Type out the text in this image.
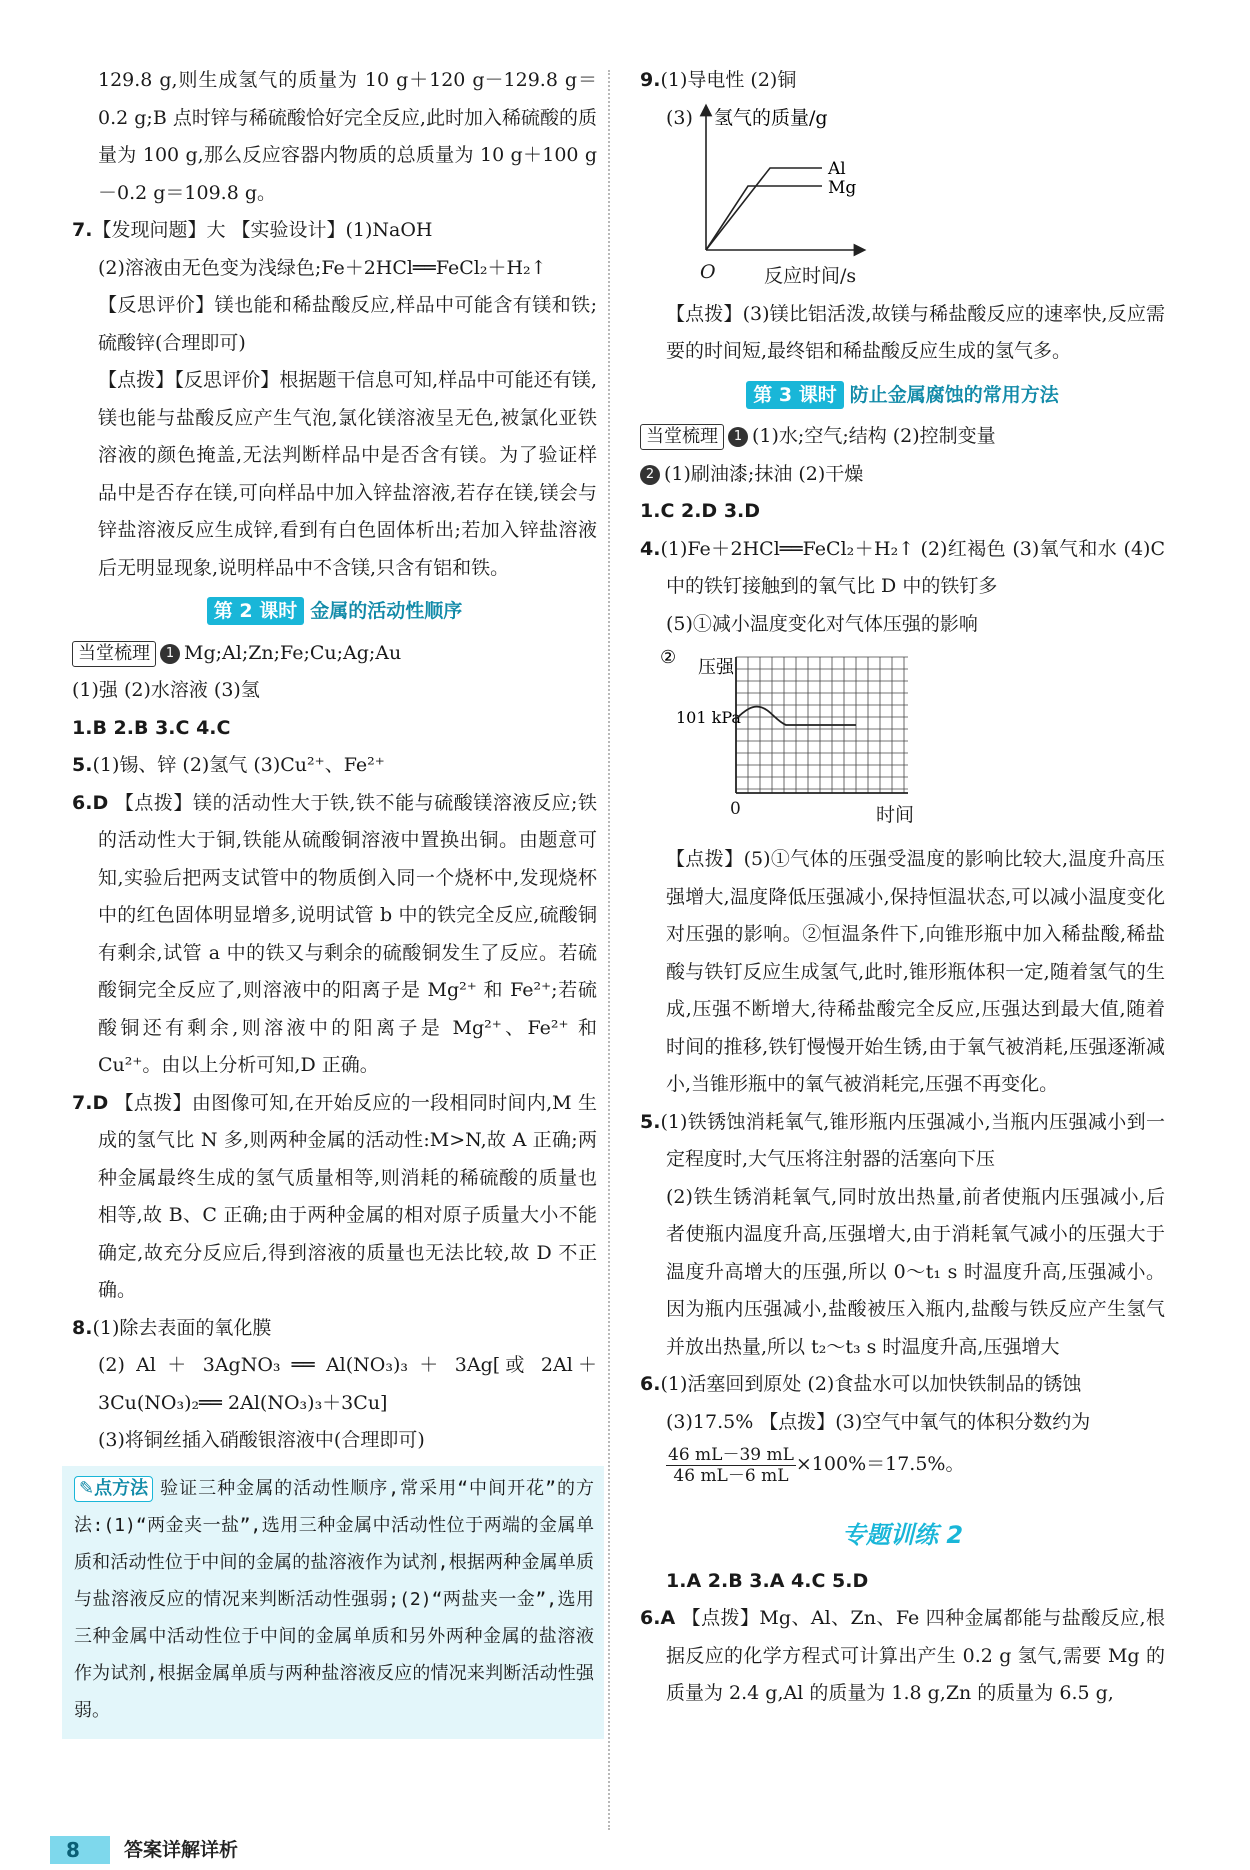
129.8 g,则生成氢气的质量为 10 g＋120 g－129.8 g＝0.2 g;B 点时锌与稀硫酸恰好完全反应,此时加入稀硫酸的质量为 100 g,那么反应容器内物质的总质量为 10 g＋100 g－0.2 g＝109.8 g。

7.【发现问题】大 【实验设计】(1)NaOH

(2)溶液由无色变为浅绿色;Fe＋2HCl══FeCl₂＋H₂↑

【反思评价】镁也能和稀盐酸反应,样品中可能含有镁和铁;硫酸锌(合理即可)

【点拨】【反思评价】根据题干信息可知,样品中可能还有镁,镁也能与盐酸反应产生气泡,氯化镁溶液呈无色,被氯化亚铁溶液的颜色掩盖,无法判断样品中是否含有镁。为了验证样品中是否存在镁,可向样品中加入锌盐溶液,若存在镁,镁会与锌盐溶液反应生成锌,看到有白色固体析出;若加入锌盐溶液后无明显现象,说明样品中不含镁,只含有铝和铁。

第 2 课时 金属的活动性顺序

当堂梳理 1 Mg;Al;Zn;Fe;Cu;Ag;Au

(1)强 (2)水溶液 (3)氢

1.B 2.B 3.C 4.C

5.(1)锡、锌 (2)氢气 (3)Cu²⁺、Fe²⁺

6.D 【点拨】镁的活动性大于铁,铁不能与硫酸镁溶液反应;铁的活动性大于铜,铁能从硫酸铜溶液中置换出铜。由题意可知,实验后把两支试管中的物质倒入同一个烧杯中,发现烧杯中的红色固体明显增多,说明试管 b 中的铁完全反应,硫酸铜有剩余,试管 a 中的铁又与剩余的硫酸铜发生了反应。若硫酸铜完全反应了,则溶液中的阳离子是 Mg²⁺ 和 Fe²⁺;若硫酸铜还有剩余,则溶液中的阳离子是 Mg²⁺、Fe²⁺ 和 Cu²⁺。由以上分析可知,D 正确。

7.D 【点拨】由图像可知,在开始反应的一段相同时间内,M 生成的氢气比 N 多,则两种金属的活动性:M>N,故 A 正确;两种金属最终生成的氢气质量相等,则消耗的稀硫酸的质量也相等,故 B、C 正确;由于两种金属的相对原子质量大小不能确定,故充分反应后,得到溶液的质量也无法比较,故 D 不正确。

8.(1)除去表面的氧化膜

(2) Al ＋ 3AgNO₃ ══ Al(NO₃)₃ ＋ 3Ag[或 2Al＋3Cu(NO₃)₂══ 2Al(NO₃)₃＋3Cu]

(3)将铜丝插入硝酸银溶液中(合理即可)

✎点方法 验证三种金属的活动性顺序,常采用“中间开花”的方法:(1)“两金夹一盐”,选用三种金属中活动性位于两端的金属单质和活动性位于中间的金属的盐溶液作为试剂,根据两种金属单质与盐溶液反应的情况来判断活动性强弱;(2)“两盐夹一金”,选用三种金属中活动性位于中间的金属单质和另外两种金属的盐溶液作为试剂,根据金属单质与两种盐溶液反应的情况来判断活动性强弱。

9.(1)导电性 (2)铜

(3) 氢气的质量/g
Al
Mg
O	反应时间/s

【点拨】(3)镁比铝活泼,故镁与稀盐酸反应的速率快,反应需要的时间短,最终铝和稀盐酸反应生成的氢气多。

第 3 课时 防止金属腐蚀的常用方法

当堂梳理 1 (1)水;空气;结构 (2)控制变量

2 (1)刷油漆;抹油 (2)干燥

1.C 2.D 3.D

4.(1)Fe＋2HCl══FeCl₂＋H₂↑ (2)红褐色 (3)氧气和水 (4)C 中的铁钉接触到的氧气比 D 中的铁钉多

(5)①减小温度变化对气体压强的影响

② 压强
101 kPa
0	时间

【点拨】(5)①气体的压强受温度的影响比较大,温度升高压强增大,温度降低压强减小,保持恒温状态,可以减小温度变化对压强的影响。②恒温条件下,向锥形瓶中加入稀盐酸,稀盐酸与铁钉反应生成氢气,此时,锥形瓶体积一定,随着氢气的生成,压强不断增大,待稀盐酸完全反应,压强达到最大值,随着时间的推移,铁钉慢慢开始生锈,由于氧气被消耗,压强逐渐减小,当锥形瓶中的氧气被消耗完,压强不再变化。

5.(1)铁锈蚀消耗氧气,锥形瓶内压强减小,当瓶内压强减小到一定程度时,大气压将注射器的活塞向下压

(2)铁生锈消耗氧气,同时放出热量,前者使瓶内压强减小,后者使瓶内温度升高,压强增大,由于消耗氧气减小的压强大于温度升高增大的压强,所以 0～t₁ s 时温度升高,压强减小。因为瓶内压强减小,盐酸被压入瓶内,盐酸与铁反应产生氢气并放出热量,所以 t₂～t₃ s 时温度升高,压强增大

6.(1)活塞回到原处 (2)食盐水可以加快铁制品的锈蚀

(3)17.5% 【点拨】(3)空气中氧气的体积分数约为

$\frac{46 mL-39 mL}{46 mL-6 mL} \times 100\%=17.5\%$。

专题训练 2

1.A 2.B 3.A 4.C 5.D

6.A 【点拨】Mg、Al、Zn、Fe 四种金属都能与盐酸反应,根据反应的化学方程式可计算出产生 0.2 g 氢气,需要 Mg 的质量为 2.4 g,Al 的质量为 1.8 g,Zn 的质量为 6.5 g,

8	答案详解详析
